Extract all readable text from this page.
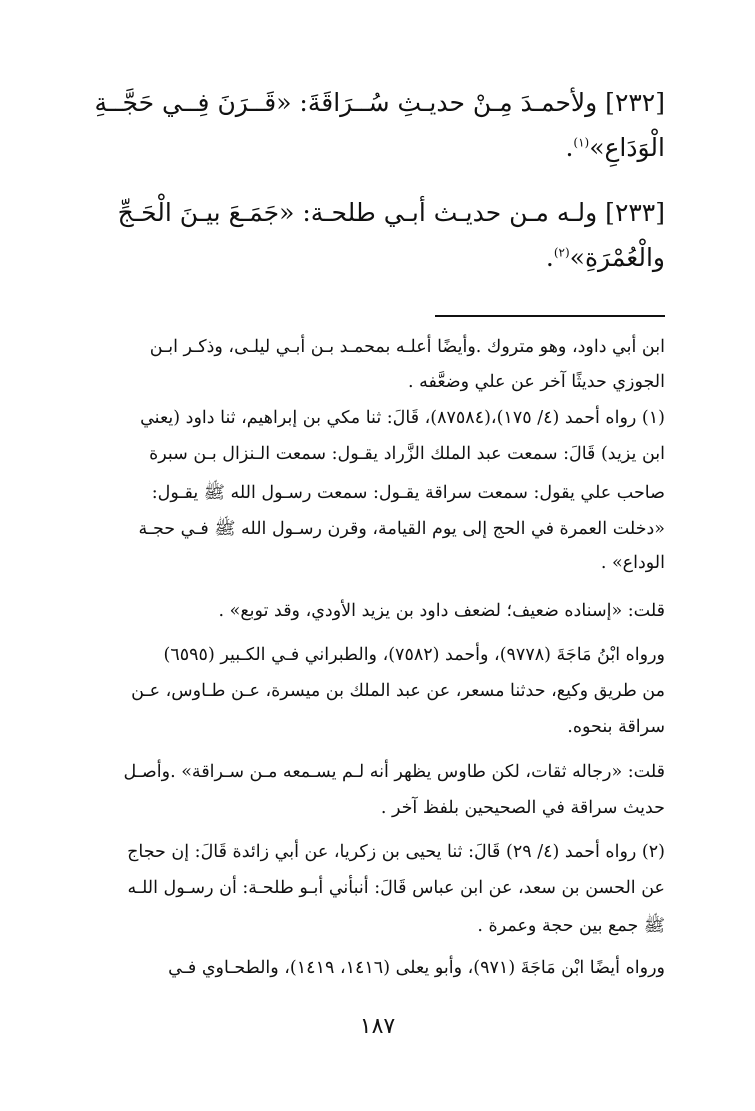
[٢٣٢] ولأحمـدَ مِـنْ حديـثِ سُــرَاقَةَ: «قَــرَنَ فِــي حَجَّــةِ
الْوَدَاعِ»$^{(١)}$.
[٢٣٣] ولـه مـن حديـث أبـي طلحـة: «جَمَـعَ بيـنَ الْحَـجِّ
والْعُمْرَةِ»$^{(٢)}$.
ابن أبي داود، وهو متروك .وأيضًا أعلـه بمحمـد بـن أبـي ليلـى، وذكـر ابـن
الجوزي حديثًا آخر عن علي وضعَّفه .
(١) رواه أحمد (٤/ ١٧٥)،(٨٧٥٨٤)، قَالَ: ثنا مكي بن إبراهيم، ثنا داود (يعني
ابن يزيد) قَالَ: سمعت عبد الملك الزَّراد يقـول: سمعت الـنزال بـن سبرة
صاحب علي يقول: سمعت سراقة يقـول: سمعت رسـول الله ﷺ يقـول:
«دخلت العمرة في الحج إلى يوم القيامة، وقرن رسـول الله ﷺ فـي حجـة
الوداع» .
قلت: «إسناده ضعيف؛ لضعف داود بن يزيد الأودي، وقد توبع» .
ورواه ابْنُ مَاجَةَ (٩٧٧٨)، وأحمد (٧٥٨٢)، والطبراني فـي الكـبير (٦٥٩٥)
من طريق وكيع، حدثنا مسعر، عن عبد الملك بن ميسرة، عـن طـاوس، عـن
سراقة بنحوه.
قلت: «رجاله ثقات، لكن طاوس يظهر أنه لـم يسـمعه مـن سـراقة» .وأصـل
حديث سراقة في الصحيحين بلفظ آخر .
(٢) رواه أحمد (٤/ ٢٩) قَالَ: ثنا يحيى بن زكريا، عن أبي زائدة قَالَ: إن حجاج
عن الحسن بن سعد، عن ابن عباس قَالَ: أنبأني أبـو طلحـة: أن رسـول اللـه
ﷺ جمع بين حجة وعمرة .
ورواه أيضًا ابْن مَاجَةَ (٩٧١)، وأبو يعلى (١٤١٦، ١٤١٩)، والطحـاوي فـي
١٨٧
